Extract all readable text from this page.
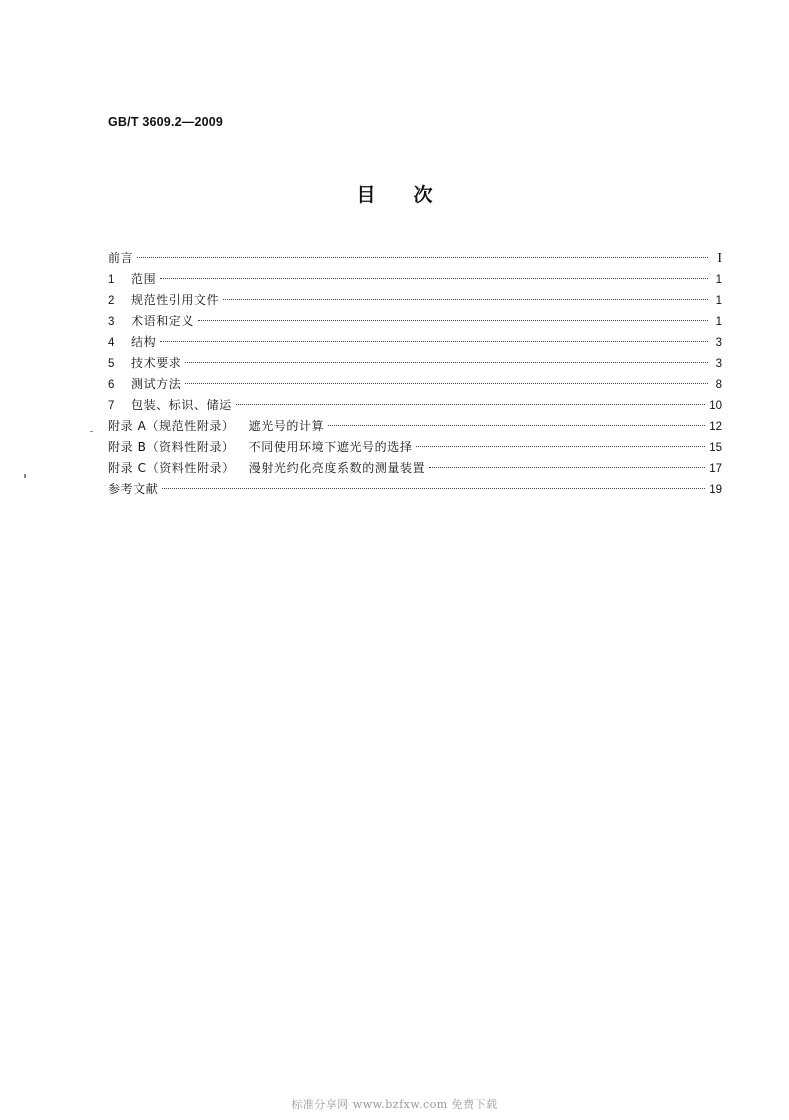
GB/T 3609.2—2009
目 次
前言	I
1	范围	1
2	规范性引用文件	1
3	术语和定义	1
4	结构	3
5	技术要求	3
6	测试方法	8
7	包装、标识、储运	10
附录 A（规范性附录）	遮光号的计算	12
附录 B（资料性附录）	不同使用环境下遮光号的选择	15
附录 C（资料性附录）	漫射光约化亮度系数的测量装置	17
参考文献	19
标准分享网 www.bzfxw.com 免费下载
